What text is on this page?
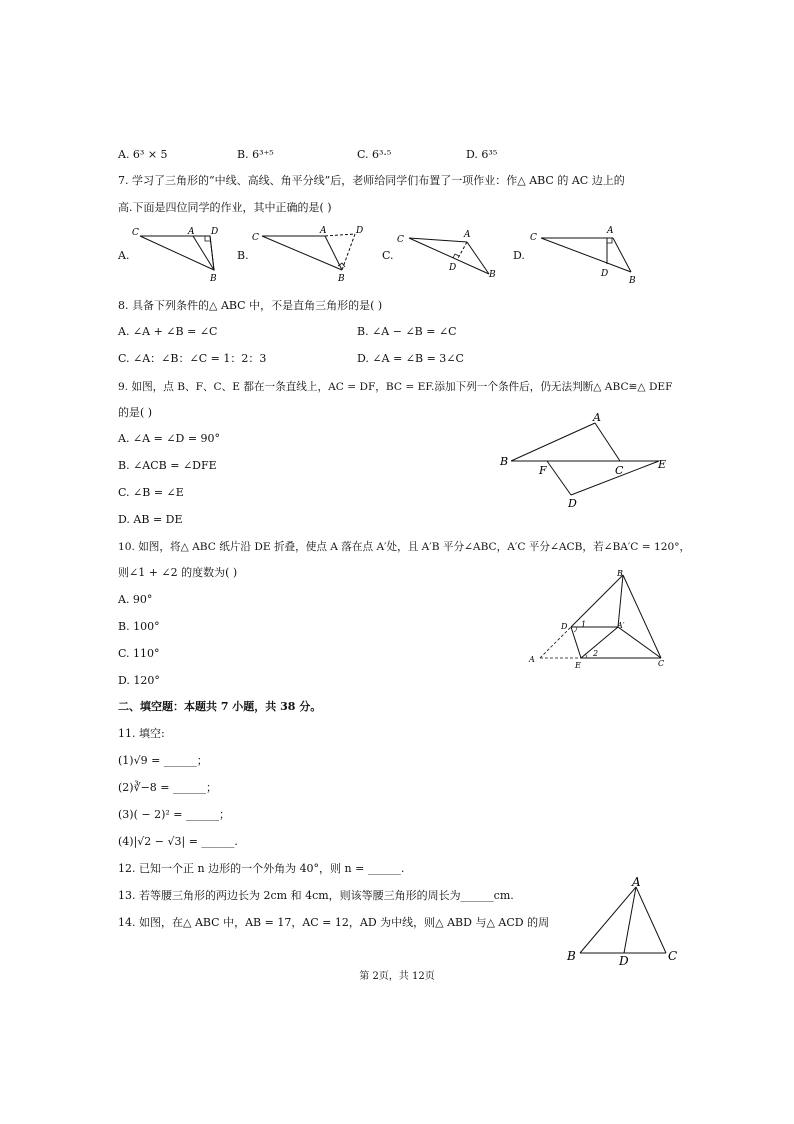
A. 6³ × 5	B. 6³⁺⁵	C. 6³·⁵	D. 6³⁵
7. 学习了三角形的“中线、高线、角平分线”后，老师给同学们布置了一项作业：作△ ABC 的 AC 边上的
高.下面是四位同学的作业，其中正确的是( )
A.	B.	C.	D.
C	A D
B
C
A	D
B
C	A
D
B
C
A
D
B
8. 具备下列条件的△ ABC 中，不是直角三角形的是( )
A. ∠A + ∠B = ∠C	B. ∠A − ∠B = ∠C
C. ∠A：∠B：∠C = 1：2：3	D. ∠A = ∠B = 3∠C
9. 如图，点 B、F、C、E 都在一条直线上，AC = DF，BC = EF.添加下列一个条件后，仍无法判断△ ABC≌△ DEF
的是( )
A. ∠A = ∠D = 90°
B. ∠ACB = ∠DFE
C. ∠B = ∠E
D. AB = DE
A
B
F	C	E
D
10. 如图，将△ ABC 纸片沿 DE 折叠，使点 A 落在点 A′处，且 A′B 平分∠ABC，A′C 平分∠ACB，若∠BA′C = 120°，
则∠1 + ∠2 的度数为( )
A. 90°
B. 100°
C. 110°
D. 120°
B
D 1	A′
2
A
E	C
二、填空题：本题共 7 小题，共 38 分。
11. 填空:
(1)√9 = ______；
(2)∛−8 = ______；
(3)( − 2)² = ______；
(4)|√2 − √3| = ______.
12. 已知一个正 n 边形的一个外角为 40°，则 n = ______.
13. 若等腰三角形的两边长为 2cm 和 4cm，则该等腰三角形的周长为______cm.
14. 如图，在△ ABC 中，AB = 17，AC = 12，AD 为中线，则△ ABD 与△ ACD 的周
A
B	D	C
第 2页，共 12页
